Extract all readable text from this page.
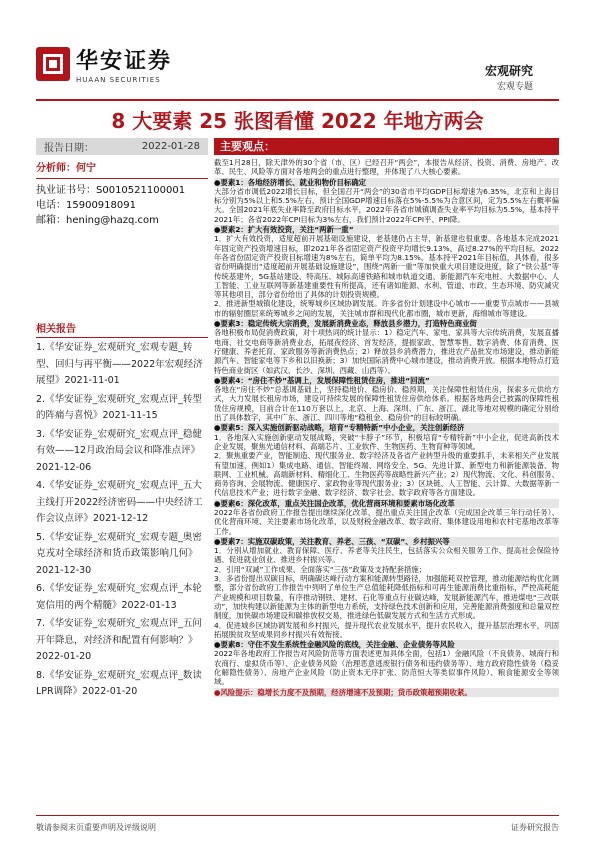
华安证券
HUAAN SECURITIES
宏观研究
宏观专题
8 大要素 25 张图看懂 2022 年地方两会
报告日期：	2022-01-28
分析师：何宁
执业证书号：S0010521100001
电话：15900918091
邮箱：hening@hazq.com
相关报告
1.《华安证券_宏观研究_宏观专题_转型、回归与再平衡——2022年宏观经济展望》2021-11-01
2.《华安证券_宏观研究_宏观点评_转型的阵痛与喜悦》2021-11-15
3.《华安证券_宏观研究_宏观点评_稳健有效——12月政治局会议和降准点评》2021-12-06
4.《华安证券_宏观研究_宏观点评_五大主线打开2022经济密码——中央经济工作会议点评》2021-12-12
5.《华安证券_宏观研究_宏观专题_奥密克戎对全球经济和货币政策影响几何》2021-12-30
6.《华安证券_宏观研究_宏观点评_本轮宽信用的两个精髓》2022-01-13
7.《华安证券_宏观研究_宏观点评_五问开年降息，对经济和配置有何影响？》2022-01-20
8.《华安证券_宏观研究_宏观点评_数读LPR调降》2022-01-20
主要观点：
截至1月28日，除天津外的30个省（市、区）已经召开“两会”，本报告从经济、投资、消费、房地产、改革、民生、风险等方面对各地两会的重点进行整理，并体现了八大核心要素。
●要素1：各地经济增长、就业和物价目标确定
大部分省市调低2022增长目标，但全国召开“两会”的30省市平均GDP目标增速为6.35%，北京和上海目标分别为5%以上和5.5%左右，预计全国GDP增速目标落在5%-5.5%为合意区间，定为5.5%左右概率偏大。全国2021年底失业率降至政府目标水平，2022年各省市城镇调查失业率平均目标为5.5%，基本持平2021年；各省2022年CPI目标为3%左右，我们预计2022年CPI平、PPI降。
●要素2：扩大有效投资，关注“两新一重”
1．扩大有效投资，适度超前开展基础设施建设，老基建仍占主导，新基建也很重要。各地基本完成2021年固定资产投资增速目标，即2021年各省固定资产投资平均增长9.13%，高过8.27%的平均目标。2022年各省份固定资产投资目标增速为8%左右，简单平均为8.15%。基本持平2021年目标值，具体看，很多省份明确提出“适度超前开展基础设施建设”，围绕“两新一重”等加快重大项目建设进度，除了“铁公基”等传统基建外，5G基站建设、特高压、城际高速铁路和城市轨道交通、新能源汽车充电桩、大数据中心、人工智能、工业互联网等新基建重要性有所提高，还有诸如能源、水利、管道、市政、生态环境、防灾减灾等其他项目，部分省份给出了具体的计划投资规模。
2．推进新型城镇化建设，统筹城乡区域协调发展。许多省份计划建设中心城市——重要节点城市——县城市的辐射圈层来统筹城乡之间的发展，关注城市群和现代化都市圈，城市更新，海绵城市等建设。
●要素3：稳定传统大宗消费，发展新消费业态，释放县乡潜力，打造特色商业街
各地积极布局促消费政策，对十项热词的统计显示：1）稳定汽车、家电、家具等大宗传统消费，发展直播电商、社交电商等新消费业态，拓展夜经济、首发经济，提振家政、智慧零售、数字消费、体育消费、医疗健康、养老托育、家政服务等新消费热点；2）释放县乡消费潜力，推进农产品批发市场建设，推动新能源汽车、智能家电等下乡和以旧换新；3）加快国际消费中心城市建设，推动消费开放。根据本地特点打造特色商业街区（如武汉、长沙、深圳、西藏、山西等）。
●要素4：“房住不炒”基调上，发展保障性租赁住房，推进“回流”
各地在“房住不炒”总基调基础上，坚持稳地价、稳房价、稳预期，关注保障性租赁住房，探索多元供给方式，大力发展长租房市场，建设可持续发展的保障性租赁住房供给体系。根据各地两会已披露的保障性租赁住房规模，目前合计在110万套以上，北京、上海、深圳、广东、浙江、湖北等地对规模的确定分别给出了具体数字，其中广东、浙江、四川等地“稳租金、稳房价”的目标较明确。
●要素5：深入实施创新驱动战略，培育“专精特新”中小企业，关注创新经济
1．各地深入实施创新驱动发展战略，突破“卡脖子”环节，积极培育“专精特新”中小企业，促进高新技术企业发展，聚焦光通信材料、高端芯片、工业软件、生物医药、生物育种等领域。
2．聚焦重要产业，智能制造、现代服务业、数字经济及各省产业转型升级的重要抓手，未来相关产业发展有望加速，例如1）集成电路、通信、智能终端、网络安全、5G、先进计算、新型电力和新能源装备、物联网、工业机械、高端新材料、精细化工、生物医药等战略性新兴产业；2）现代物流、文化、科创服务、商务咨询、会展物流、健康医疗、家政物业等现代服务业；3）区块链、人工智能、云计算、大数据等新一代信息技术产业；进行数字金融、数字经济、数字社会、数字政府等各方面建设。
●要素6：深化改革，重点关注国企改革，优化营商环境和要素市场化改革
2022年各省份政府工作报告提出继续深化改革，提出重点关注国企改革（完成国企改革三年行动任务）、优化营商环境、关注要素市场化改革，以及财税金融改革、数字政府、集体建设用地和农村宅基地改革等工作。
●要素7：实施双碳政策，关注教育、养老、三孩、“双碳”、乡村振兴等
1．分别从增加就业、教育保障、医疗、养老等关注民生，包括落实公众相关服务工作、提高社会保险待遇、促进就业创业、推进乡村振兴等。
2．引用“双减”工作成果、全面落实“三孩”政策及支持配套措施；
3．多省份提出双碳目标，明确碳达峰行动方案和能源转型路径，加强能耗双控管理，推动能源结构优化调整，部分省份政府工作报告中列明了单位生产总值能耗降低指标和可再生能源消费比重指标，严控高耗能产业规模和项目数量，有序推动钢铁、建材、石化等重点行业碳达峰，发展新能源汽车，推进煤电“三改联动”，加快构建以新能源为主体的新型电力系统，支持绿色技术创新和应用，完善能源消费强度和总量双控制度，加快碳市场建设和碳排放权交易，推进绿色低碳发展方式和生活方式形成。
4．促进城乡区域协调发展和乡村振兴，提升现代农业发展水平，提升农民收入，提升基层治理水平，巩固拓展脱贫攻坚成果同乡村振兴有效衔接。
●要素8：守住不发生系统性金融风险的底线，关注金融、企业债务等风险
2022年各地政府工作报告对风险防范等方面表述更加具体全面，包括1）金融风险（不良债务、城商行和农商行、虚拟货币等）、企业债务风险（治理恶意逃废银行债务和违约债务等）、地方政府隐性债务（稳妥化解隐性债务）、房地产企业风险（防止资本无序扩张、防范恒大等类似事件风险）、粮食能源安全等领域。
●风险提示：稳增长力度不及预期，经济增速不及预期；货币政策超预期收紧。
敬请参阅末页重要声明及评级说明	证券研究报告
